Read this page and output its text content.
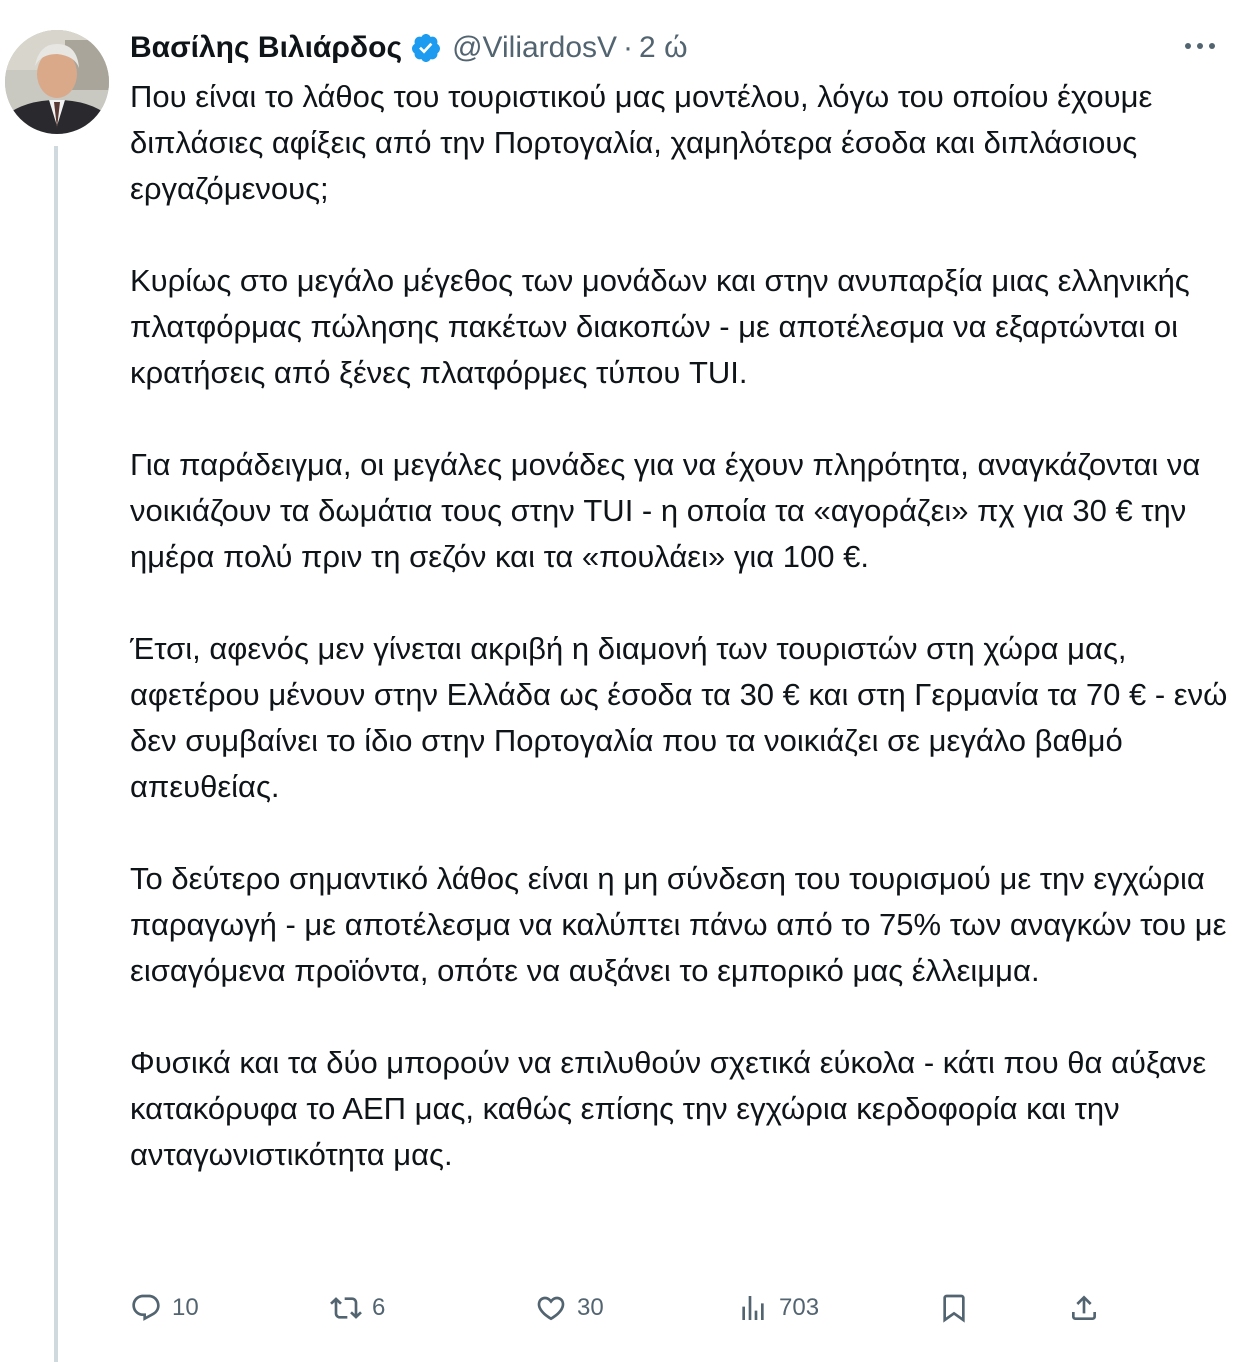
Βασίλης Βιλιάρδος @ViliardosV · 2 ώ

Που είναι το λάθος του τουριστικού μας μοντέλου, λόγω του οποίου έχουμε διπλάσιες αφίξεις από την Πορτογαλία, χαμηλότερα έσοδα και διπλάσιους εργαζόμενους;

Κυρίως στο μεγάλο μέγεθος των μονάδων και στην ανυπαρξία μιας ελληνικής πλατφόρμας πώλησης πακέτων διακοπών - με αποτέλεσμα να εξαρτώνται οι κρατήσεις από ξένες πλατφόρμες τύπου TUI.

Για παράδειγμα, οι μεγάλες μονάδες για να έχουν πληρότητα, αναγκάζονται να νοικιάζουν τα δωμάτια τους στην TUI - η οποία τα «αγοράζει» πχ για 30 € την ημέρα πολύ πριν τη σεζόν και τα «πουλάει» για 100 €.

Έτσι, αφενός μεν γίνεται ακριβή η διαμονή των τουριστών στη χώρα μας, αφετέρου μένουν στην Ελλάδα ως έσοδα τα 30 € και στη Γερμανία τα 70 € - ενώ δεν συμβαίνει το ίδιο στην Πορτογαλία που τα νοικιάζει σε μεγάλο βαθμό απευθείας.

Το δεύτερο σημαντικό λάθος είναι η μη σύνδεση του τουρισμού με την εγχώρια παραγωγή - με αποτέλεσμα να καλύπτει πάνω από το 75% των αναγκών του με εισαγόμενα προϊόντα, οπότε να αυξάνει το εμπορικό μας έλλειμμα.

Φυσικά και τα δύο μπορούν να επιλυθούν σχετικά εύκολα - κάτι που θα αύξανε κατακόρυφα το ΑΕΠ μας, καθώς επίσης την εγχώρια κερδοφορία και την ανταγωνιστικότητα μας.

10	6	30	703
